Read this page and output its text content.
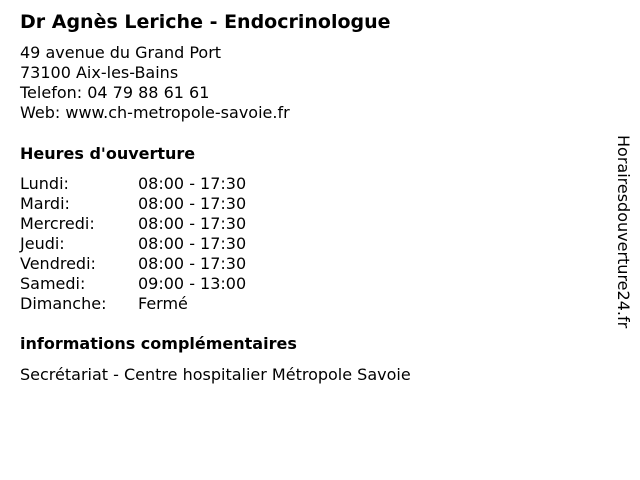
Dr Agnès Leriche - Endocrinologue
49 avenue du Grand Port
73100 Aix-les-Bains
Telefon: 04 79 88 61 61
Web: www.ch-metropole-savoie.fr
Heures d'ouverture
Lundi:	08:00 - 17:30
Mardi:	08:00 - 17:30
Mercredi:	08:00 - 17:30
Jeudi:	08:00 - 17:30
Vendredi:	08:00 - 17:30
Samedi:	09:00 - 13:00
Dimanche:	Fermé
informations complémentaires
Secrétariat - Centre hospitalier Métropole Savoie
Horairesdouverture24.fr
